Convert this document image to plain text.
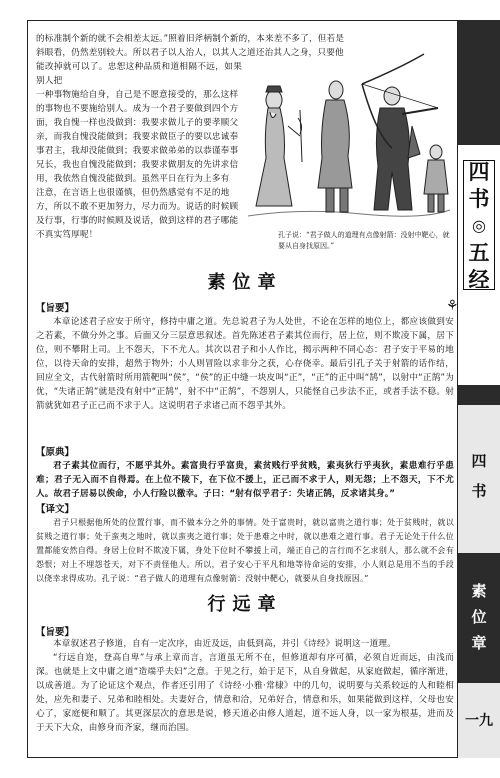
的标准制个新的就不会相差太远。”照着旧斧柄制个新的，本来差不多了，但若是

斜眼看，仍然差别较大。所以君子以人治人，以其人之道还治其人之身，只要他

能改掉就可以了。忠恕这种品质和道相隔不远，如果别人把

一种事物施给自身，自己是不愿意接受的，那么这样

的事物也不要施给别人。成为一个君子要做到四个方

面，我自愧一样也没做到：我要求做儿子的要孝顺父

亲，而我自愧没能做到；我要求做臣子的要以忠诚奉

事君主，我却没能做到；我要求做弟弟的以恭谨奉事

兄长，我也自愧没能做到；我要求做朋友的先讲求信

用，我依然自愧没能做到。虽然平日在行为上多有

注意，在言语上也很谨慎，但仍然感觉有不足的地

方，所以不敢不更加努力，尽力而为。说话的时候顾

及行事，行事的时候顾及说话，做到这样的君子哪能

不真实笃厚呢！	孔子说：“君子做人的道理有点像射箭：没射中靶心，就要从自身找原因。”
⚘
素位章
【旨要】

本章论述君子应安于所守，修持中庸之道。先总说君子为人处世，不论在怎样的地位上，都应该做到安之若素，不做分外之事。后面又分三层意思叙述。首先陈述君子素其位而行，居上位，则不欺凌下属，居下位，则不攀附上司。上不怨天，下不尤人。其次以君子和小人作比，揭示两种不同心态：君子安于平易的地位，以待天命的安排，超然于物外；小人则冒险以求非分之获，心存侥幸。最后引孔子关于射箭的话作结，回应全文，古代射箭时所用箭靶叫“侯”，“侯”的正中缝一块皮叫“正”，“正”的正中叫“鹄”，以射中“正鹄”为优，“失诸正鹄”就是没有射中“正鹄”，射不中“正鹄”，不怨别人，只能怪自己步法不正，或者手法不稳。射箭就犹如君子正己而不求于人。这说明君子求诸己而不怨乎其外。

【原典】

君子素其位而行，不愿乎其外。素富贵行乎富贵，素贫贱行乎贫贱，素夷狄行乎夷狄，素患难行乎患难；君子无入而不自得焉。在上位不陵下，在下位不援上，正己而不求于人，则无怨；上不怨天，下不尤人。故君子居易以俟命，小人行险以徼幸。子曰：“射有似乎君子：失诸正鹄，反求诸其身。”

【译文】

君子只根据他所处的位置行事，而不做本分之外的事情。处于富贵时，就以富贵之道行事；处于贫贱时，就以贫贱之道行事；处于蛮夷之地时，就以蛮夷之道行事；处于患难之中时，就以患难之道行事。君子无论处于什么位置都能安然自得。身居上位时不欺凌下属，身处下位时不攀援上司，端正自己的言行而不乞求别人，那么就不会有怨恨；对上不埋怨苍天，对下不责怪他人。所以，君子安心于平凡和地等待命运的安排，小人则总是用不当的手段以侥幸求得成功。孔子说：“君子做人的道理有点像射箭：没射中靶心，就要从自身找原因。”

行远章
【旨要】

本章叙述君子修道，自有一定次序，由近及远，由低到高，并引《诗经》说明这一道理。

“行远自迩，登高自卑”与承上章而言，言道虽无所不在，但修道却有序可循，必须自近而远，由浅而深。也就是上文中庸之道“造端乎夫妇”之意。于见之行，始于足下，从自身做起，从家庭做起，循序渐进，以成善道。为了论证这个观点，作者还引用了《诗经·小雅·常棣》中的几句，说明要与关系较远的人和睦相处，应先和妻子、兄弟和睦相处。夫妻好合，情意和洽，兄弟好合，情意和乐，如果能做到这样，父母也安心了，家庭便和顺了。其更深层次的意思是说，修天道必由修人道起，道不远人身，以一家为根基，进而及于天下大众，由修身而齐家，继而治国。

四
书
◎
五
经
四
书
素
位
章
一九
